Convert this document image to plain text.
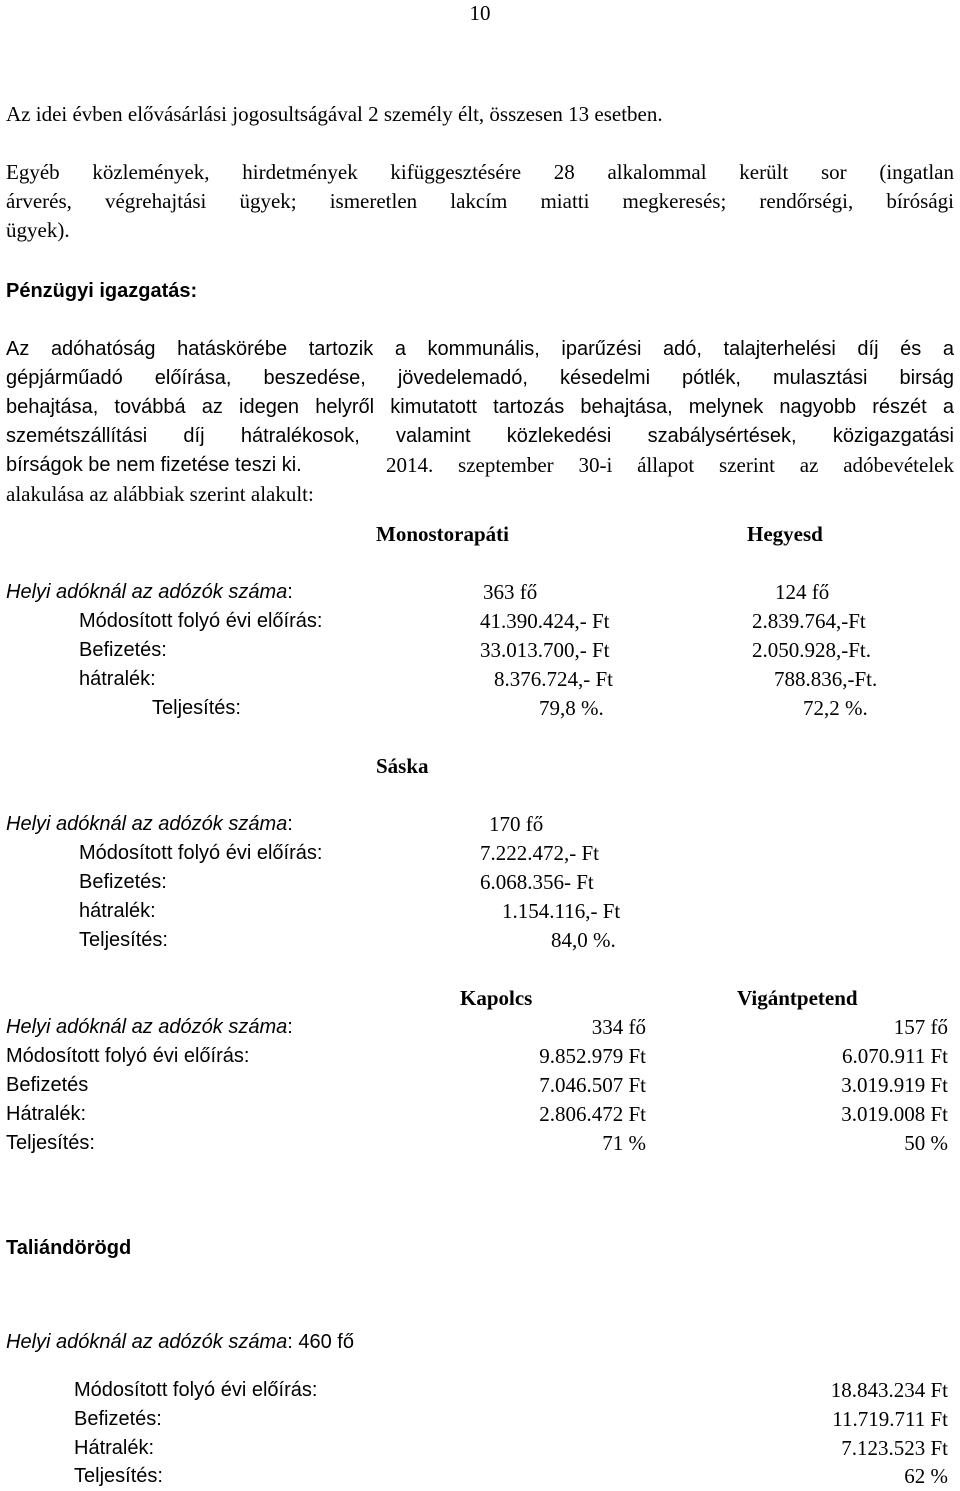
10
Az idei évben elővásárlási jogosultságával 2 személy élt, összesen 13 esetben.
Egyéb közlemények, hirdetmények kifüggesztésére 28 alkalommal került sor (ingatlan
árverés, végrehajtási ügyek; ismeretlen lakcím miatti megkeresés; rendőrségi, bírósági
ügyek).
Pénzügyi igazgatás:
Az adóhatóság hatáskörébe tartozik a kommunális, iparűzési adó, talajterhelési díj és a
gépjárműadó előírása, beszedése, jövedelemadó, késedelmi pótlék, mulasztási birság
behajtása, továbbá az idegen helyről kimutatott tartozás behajtása, melynek nagyobb részét a
szemétszállítási díj hátralékosok, valamint közlekedési szabálysértések, közigazgatási
bírságok be nem fizetése teszi ki.	2014. szeptember 30-i állapot szerint az adóbevételek
alakulása az alábbiak szerint alakult:
Monostorapáti	Hegyesd
Helyi adóknál az adózók száma:	363 fő	124 fő
Módosított folyó évi előírás:	41.390.424,- Ft	2.839.764,-Ft
Befizetés:	33.013.700,- Ft	2.050.928,-Ft.
hátralék:	8.376.724,- Ft	788.836,-Ft.
Teljesítés:	79,8 %.	72,2 %.
Sáska
Helyi adóknál az adózók száma:	170 fő
Módosított folyó évi előírás:	7.222.472,- Ft
Befizetés:	6.068.356- Ft
hátralék:	1.154.116,- Ft
Teljesítés:	84,0 %.
Kapolcs	Vigántpetend
Helyi adóknál az adózók száma:	334 fő	157 fő
Módosított folyó évi előírás:	9.852.979 Ft	6.070.911 Ft
Befizetés	7.046.507 Ft	3.019.919 Ft
Hátralék:	2.806.472 Ft	3.019.008 Ft
Teljesítés:	71 %	50 %
Taliándörögd
Helyi adóknál az adózók száma: 460 fő
Módosított folyó évi előírás:	18.843.234 Ft
Befizetés:	11.719.711 Ft
Hátralék:	7.123.523 Ft
Teljesítés:	62 %
